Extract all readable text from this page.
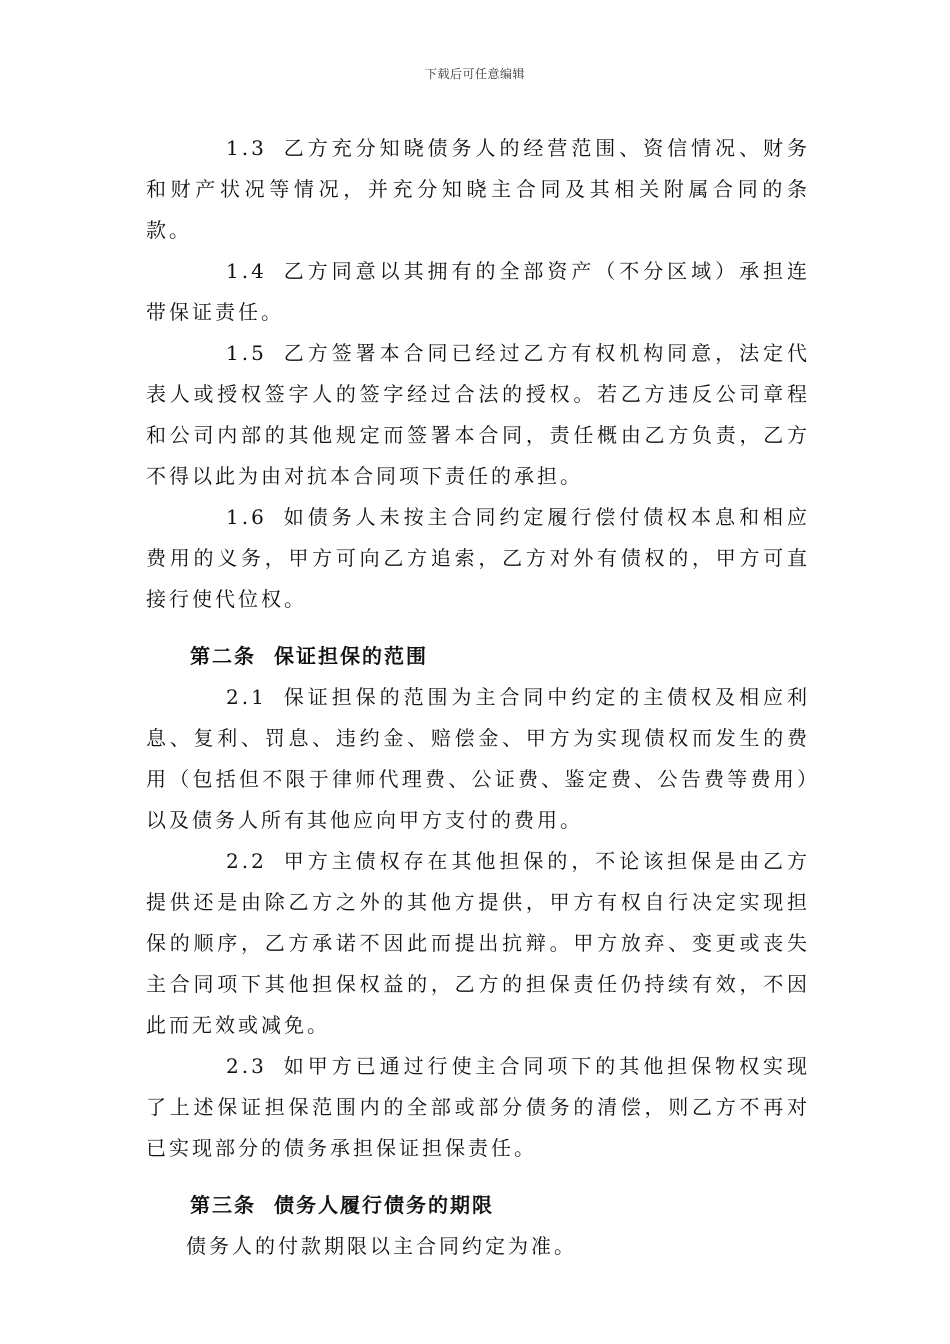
下载后可任意编辑

1.3 乙方充分知晓债务人的经营范围、资信情况、财务和财产状况等情况，并充分知晓主合同及其相关附属合同的条款。

1.4 乙方同意以其拥有的全部资产（不分区域）承担连带保证责任。

1.5 乙方签署本合同已经过乙方有权机构同意，法定代表人或授权签字人的签字经过合法的授权。若乙方违反公司章程和公司内部的其他规定而签署本合同，责任概由乙方负责，乙方不得以此为由对抗本合同项下责任的承担。

1.6 如债务人未按主合同约定履行偿付债权本息和相应费用的义务，甲方可向乙方追索，乙方对外有债权的，甲方可直接行使代位权。

第二条 保证担保的范围

2.1 保证担保的范围为主合同中约定的主债权及相应利息、复利、罚息、违约金、赔偿金、甲方为实现债权而发生的费用（包括但不限于律师代理费、公证费、鉴定费、公告费等费用）以及债务人所有其他应向甲方支付的费用。

2.2 甲方主债权存在其他担保的，不论该担保是由乙方提供还是由除乙方之外的其他方提供，甲方有权自行决定实现担保的顺序，乙方承诺不因此而提出抗辩。甲方放弃、变更或丧失主合同项下其他担保权益的，乙方的担保责任仍持续有效，不因此而无效或减免。

2.3 如甲方已通过行使主合同项下的其他担保物权实现了上述保证担保范围内的全部或部分债务的清偿，则乙方不再对已实现部分的债务承担保证担保责任。

第三条 债务人履行债务的期限

债务人的付款期限以主合同约定为准。
